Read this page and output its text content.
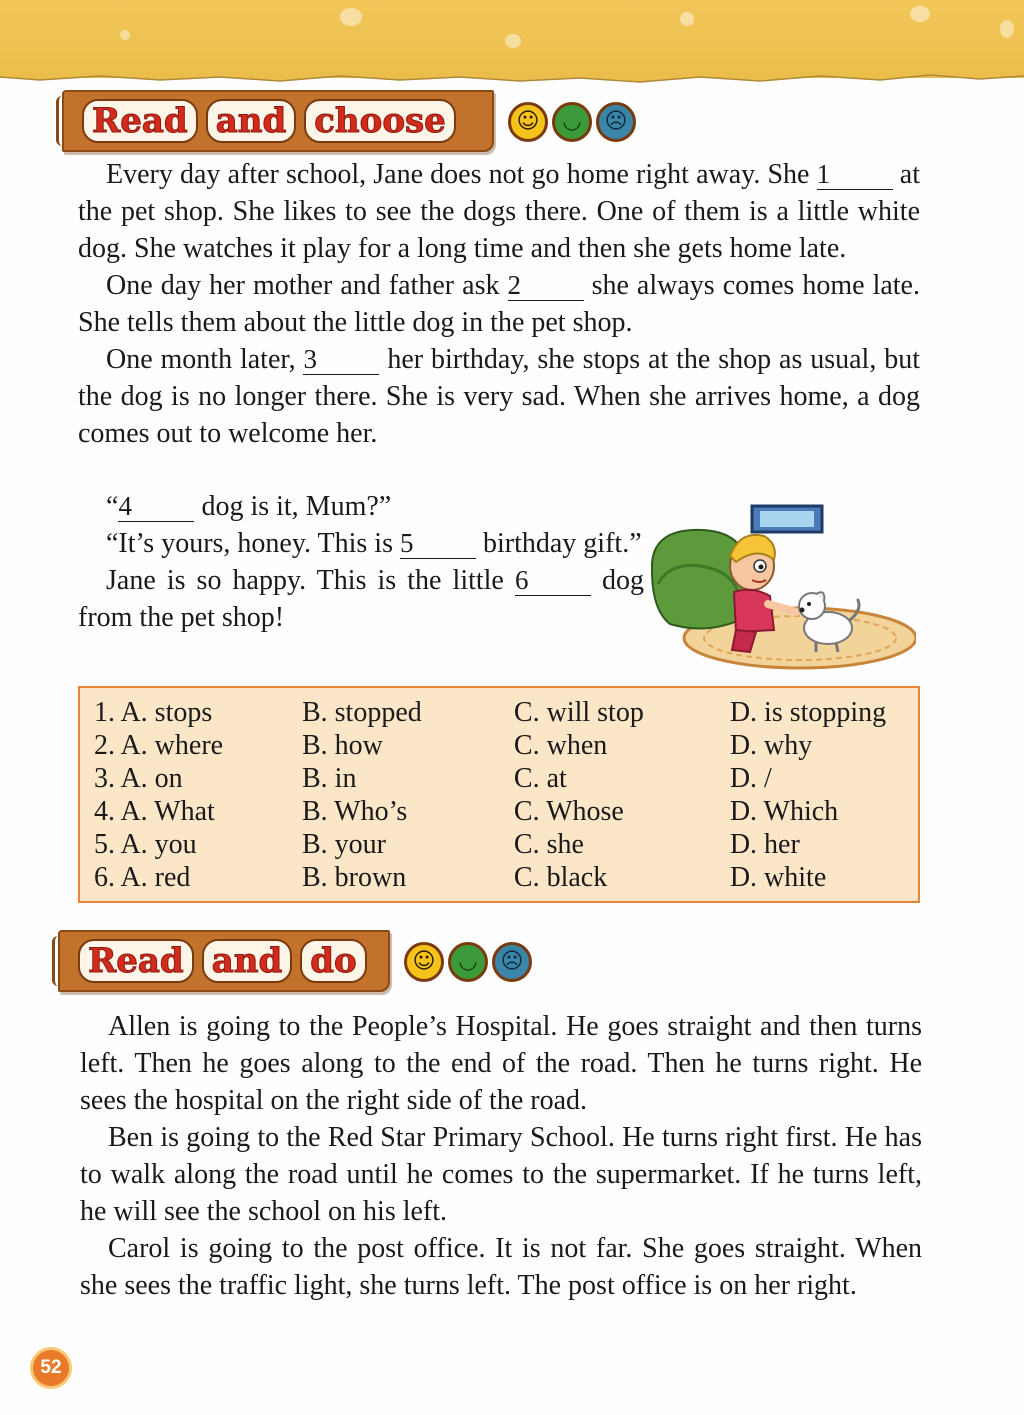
Read and choose	☺	◡	☹

Every day after school, Jane does not go home right away. She 1 at the pet shop. She likes to see the dogs there. One of them is a little white dog. She watches it play for a long time and then she gets home late.

One day her mother and father ask 2 she always comes home late. She tells them about the little dog in the pet shop.

One month later, 3 her birthday, she stops at the shop as usual, but the dog is no longer there. She is very sad. When she arrives home, a dog comes out to welcome her.

“4 dog is it, Mum?”

“It’s yours, honey. This is 5 birthday gift.”

Jane is so happy. This is the little 6 dog from the pet shop!

1. A. stops	B. stopped	C. will stop	D. is stopping
2. A. where	B. how	C. when	D. why
3. A. on	B. in	C. at	D. /
4. A. What	B. Who’s	C. Whose	D. Which
5. A. you	B. your	C. she	D. her
6. A. red	B. brown	C. black	D. white
Read and do	☺	◡	☹

Allen is going to the People’s Hospital. He goes straight and then turns left. Then he goes along to the end of the road. Then he turns right. He sees the hospital on the right side of the road.

Ben is going to the Red Star Primary School. He turns right first. He has to walk along the road until he comes to the supermarket. If he turns left, he will see the school on his left.

Carol is going to the post office. It is not far. She goes straight. When she sees the traffic light, she turns left. The post office is on her right.

52
